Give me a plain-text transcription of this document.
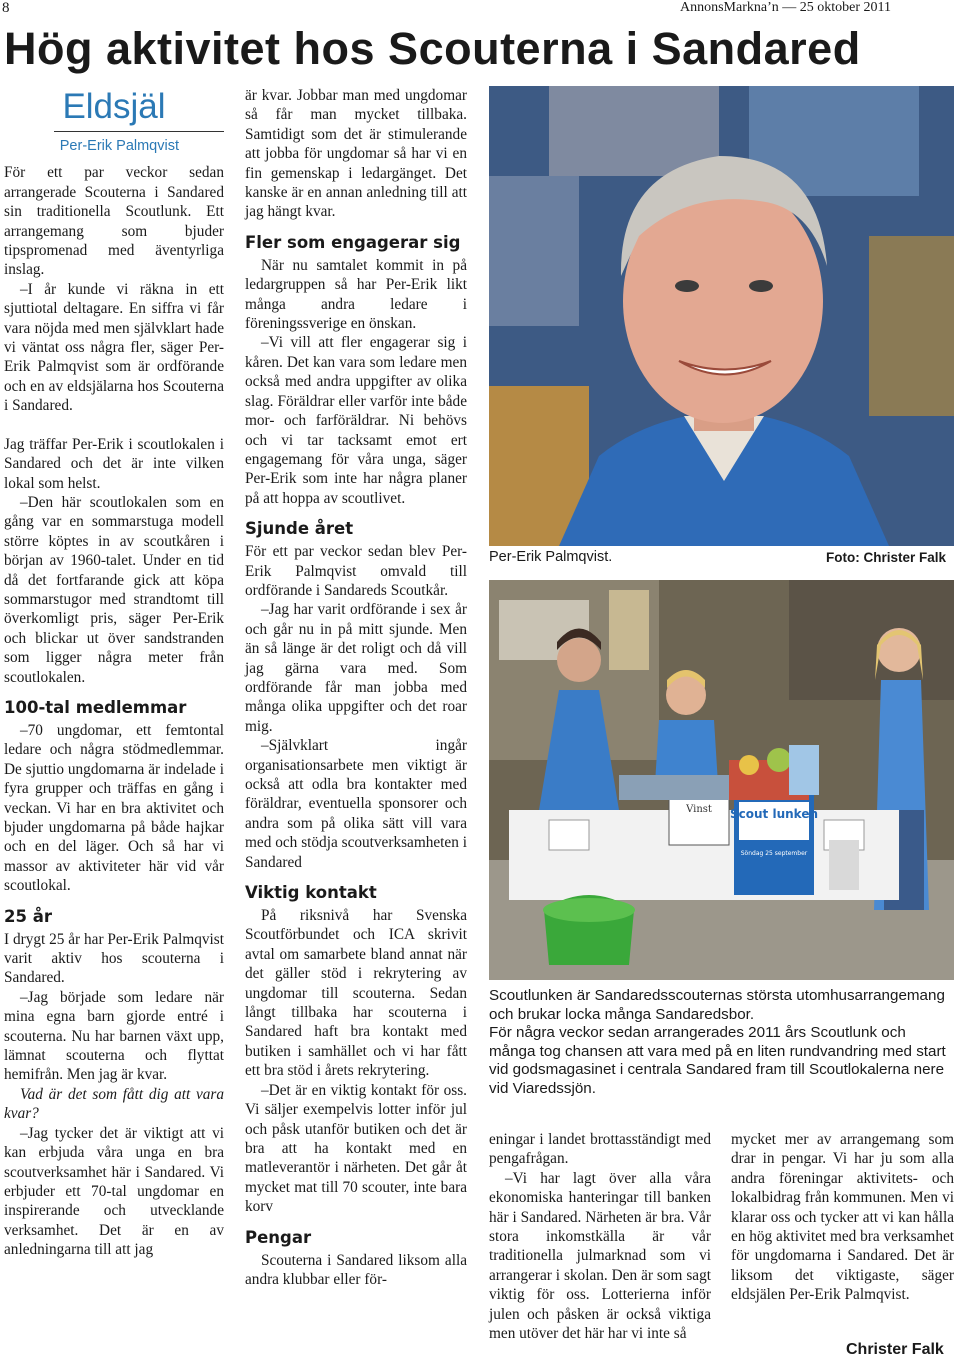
8	AnnonsMarkna’n — 25 oktober 2011
Hög aktivitet hos Scouterna i Sandared
Eldsjäl
Per-Erik Palmqvist

För ett par veckor sedan arrangerade Scouterna i Sandared sin traditionella Scoutlunk. Ett arrangemang som bjuder tipspromenad med äventyrliga inslag.

–I år kunde vi räkna in ett sjuttiotal deltagare. En siffra vi får vara nöjda med men självklart hade vi väntat oss några fler, säger Per-Erik Palmqvist som är ordförande och en av eldsjälarna hos Scouterna i Sandared.

Jag träffar Per-Erik i scoutlokalen i Sandared och det är inte vilken lokal som helst.

–Den här scoutlokalen som en gång var en sommarstuga modell större köptes in av scoutkåren i början av 1960-talet. Under en tid då det fortfarande gick att köpa sommarstugor med strandtomt till överkomligt pris, säger Per-Erik och blickar ut över sandstranden som ligger några meter från scoutlokalen.

100-tal medlemmar

–70 ungdomar, ett femtontal ledare och några stödmedlemmar. De sjuttio ungdomarna är indelade i fyra grupper och träffas en gång i veckan. Vi har en bra aktivitet och bjuder ungdomarna på både hajkar och en del läger. Och så har vi massor av aktiviteter här vid vår scoutlokal.

25 år

I drygt 25 år har Per-Erik Palmqvist varit aktiv hos scouterna i Sandared.

–Jag började som ledare när mina egna barn gjorde entré i scouterna. Nu har barnen växt upp, lämnat scouterna och flyttat hemifrån. Men jag är kvar.

Vad är det som fått dig att vara kvar?

–Jag tycker det är viktigt att vi kan erbjuda våra unga en bra scoutverksamhet här i Sandared. Vi erbjuder ett 70-tal ungdomar en inspirerande och utvecklande verksamhet. Det är en av anledningarna till att jag

är kvar. Jobbar man med ungdomar så får man mycket tillbaka. Samtidigt som det är stimulerande att jobba för ungdomar så har vi en fin gemenskap i ledargänget. Det kanske är en annan anledning till att jag hängt kvar.

Fler som engagerar sig

När nu samtalet kommit in på ledargruppen så har Per-Erik likt många andra ledare i föreningssverige en önskan.

–Vi vill att fler engagerar sig i kåren. Det kan vara som ledare men också med andra uppgifter av olika slag. Föräldrar eller varför inte både mor- och farföräldrar. Ni behövs och vi tar tacksamt emot ert engagemang för våra unga, säger Per-Erik som inte har några planer på att hoppa av scoutlivet.

Sjunde året

För ett par veckor sedan blev Per-Erik Palmqvist omvald till ordförande i Sandareds Scoutkår.

–Jag har varit ordförande i sex år och går nu in på mitt sjunde. Men än så länge är det roligt och då vill jag gärna vara med. Som ordförande får man jobba med många olika uppgifter och det roar mig.

–Självklart ingår organisationsarbete men viktigt är också att odla bra kontakter med föräldrar, eventuella sponsorer och andra som på olika sätt vill vara med och stödja scoutverksamheten i Sandared

Viktig kontakt

På riksnivå har Svenska Scoutförbundet och ICA skrivit avtal om samarbete bland annat när det gäller stöd i rekrytering av ungdomar till scouterna. Sedan långt tillbaka har scouterna i Sandared haft bra kontakt med butiken i samhället och vi har fått ett bra stöd i årets rekrytering.

–Det är en viktig kontakt för oss. Vi säljer exempelvis lotter inför jul och påsk utanför butiken och det är bra att ha kontakt med en matleverantör i närheten. Det går åt mycket mat till 70 scouter, inte bara korv

Pengar

Scouterna i Sandared liksom alla andra klubbar eller för-

Per-Erik Palmqvist.	Foto: Christer Falk
Scout lunken
Söndag 25 september
Vinst
Scoutlunken är Sandaredsscouternas största utomhusarrangemang och brukar locka många Sandaredsbor.
För några veckor sedan arrangerades 2011 års Scoutlunk och många tog chansen att vara med på en liten rundvandring med start vid godsmagasinet i centrala Sandared fram till Scoutlokalerna nere vid Viaredssjön.

eningar i landet brottasständigt med pengafrågan.

–Vi har lagt över alla våra ekonomiska hanteringar till banken här i Sandared. Närheten är bra. Vår stora inkomstkälla är vår traditionella julmarknad som vi arrangerar i skolan. Den är som sagt viktig för oss. Lotterierna inför julen och påsken är också viktiga men utöver det här har vi inte så

mycket mer av arrangemang som drar in pengar. Vi har ju som alla andra föreningar aktivitets- och lokalbidrag från kommunen. Men vi klarar oss och tycker att vi kan hålla en hög aktivitet med bra verksamhet för ungdomarna i Sandared. Det är liksom det viktigaste, säger eldsjälen Per-Erik Palmqvist.

Christer Falk
